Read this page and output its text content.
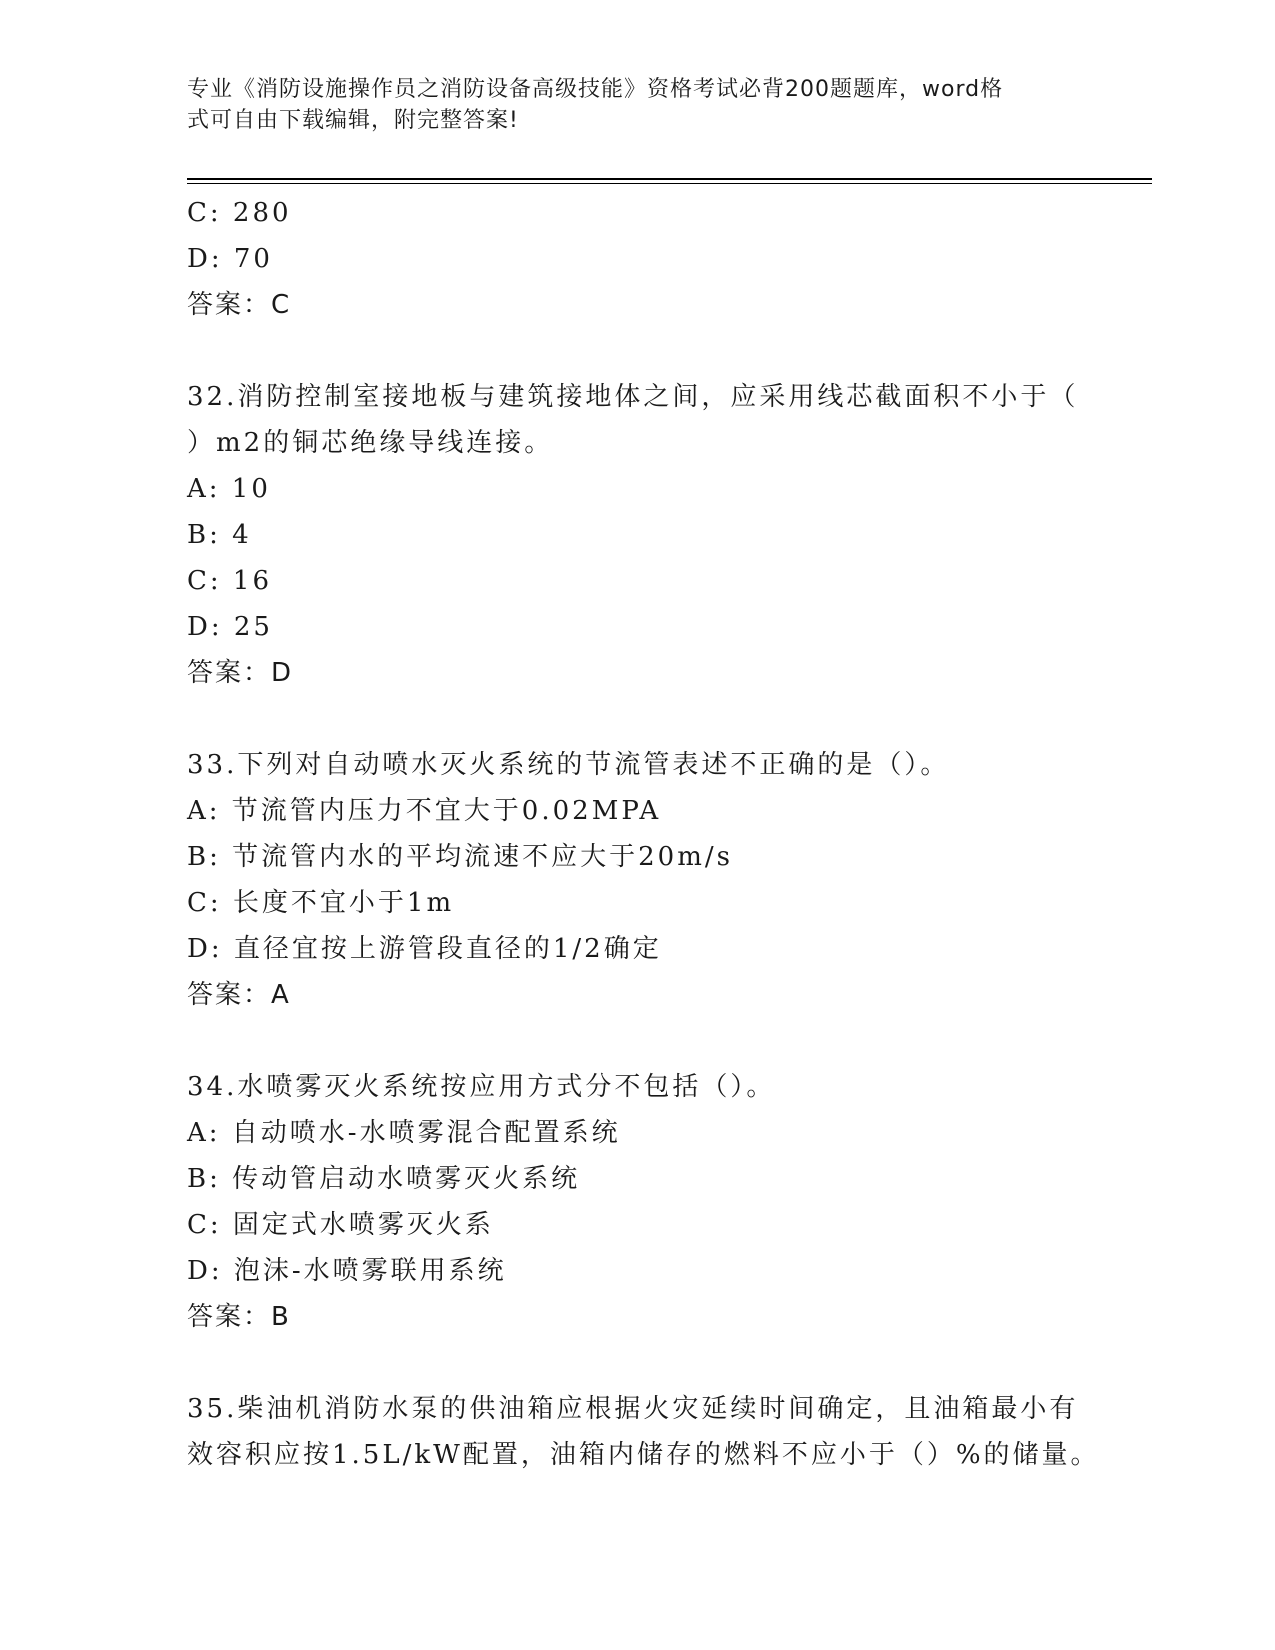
专业《消防设施操作员之消防设备高级技能》资格考试必背200题题库，word格
式可自由下载编辑，附完整答案!
C: 280
D: 70
答案：C
32.消防控制室接地板与建筑接地体之间，应采用线芯截面积不小于（
）m2的铜芯绝缘导线连接。
A: 10
B: 4
C: 16
D: 25
答案：D
33.下列对自动喷水灭火系统的节流管表述不正确的是（）。
A: 节流管内压力不宜大于0.02MPA
B: 节流管内水的平均流速不应大于20m/s
C: 长度不宜小于1m
D: 直径宜按上游管段直径的1/2确定
答案：A
34.水喷雾灭火系统按应用方式分不包括（）。
A: 自动喷水-水喷雾混合配置系统
B: 传动管启动水喷雾灭火系统
C: 固定式水喷雾灭火系
D: 泡沫-水喷雾联用系统
答案：B
35.柴油机消防水泵的供油箱应根据火灾延续时间确定，且油箱最小有
效容积应按1.5L/kW配置，油箱内储存的燃料不应小于（）%的储量。
